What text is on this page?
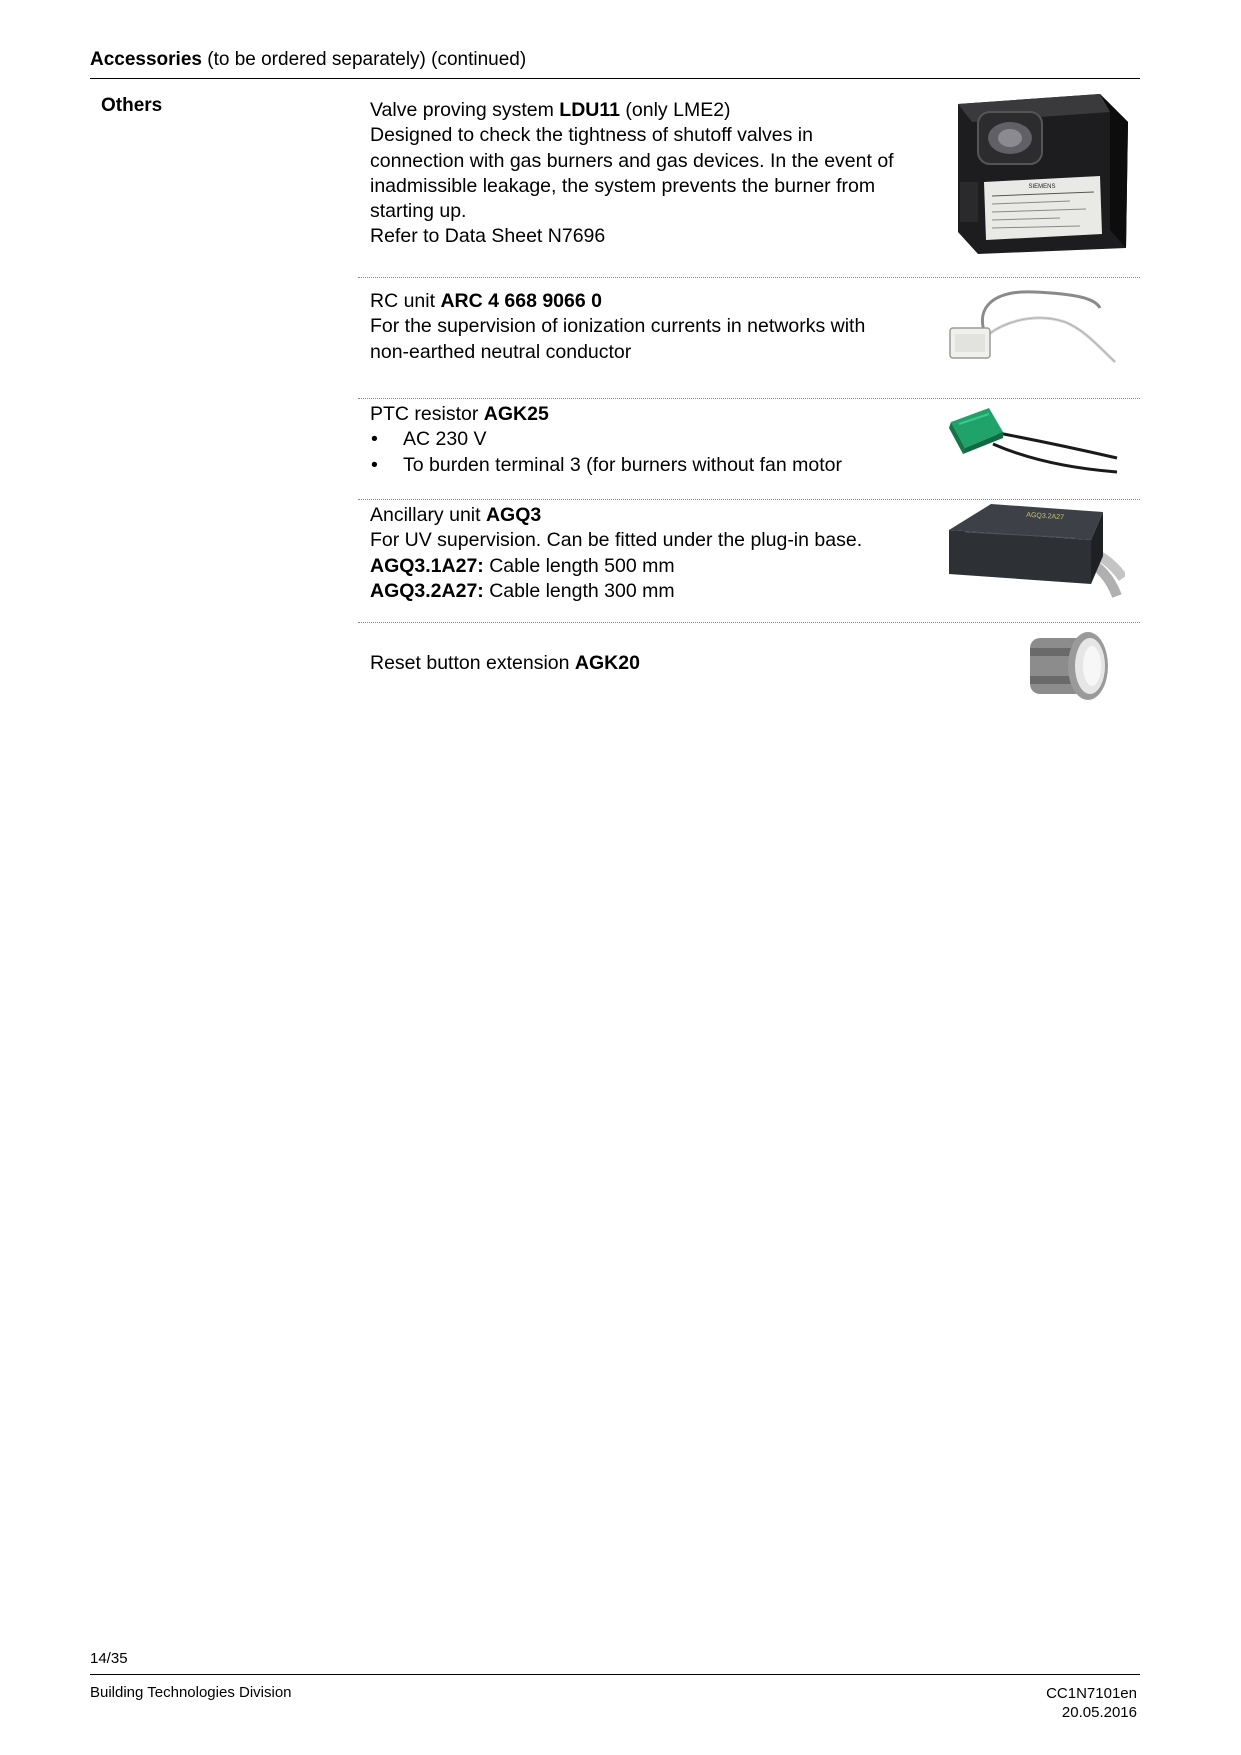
Accessories (to be ordered separately) (continued)
Others	Valve proving system LDU11 (only LME2)
Designed to check the tightness of shutoff valves in
connection with gas burners and gas devices. In the event of
inadmissible leakage, the system prevents the burner from
starting up.
Refer to Data Sheet N7696
SIEMENS
RC unit ARC 4 668 9066 0
For the supervision of ionization currents in networks with
non-earthed neutral conductor
PTC resistor AGK25
• AC 230 V
• To burden terminal 3 (for burners without fan motor
Ancillary unit AGQ3
For UV supervision. Can be fitted under the plug-in base.
AGQ3.1A27: Cable length 500 mm
AGQ3.2A27: Cable length 300 mm
AGQ3.2A27
Reset button extension AGK20
14/35
Building Technologies Division	CC1N7101en
20.05.2016
